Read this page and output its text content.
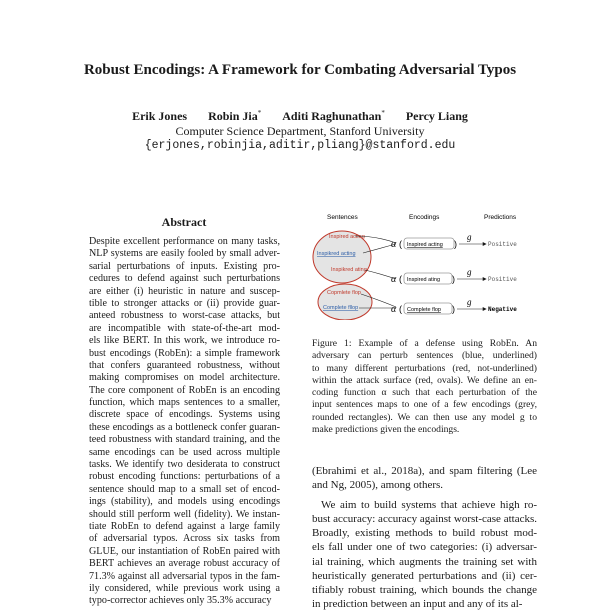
Robust Encodings: A Framework for Combating Adversarial Typos
Erik Jones Robin Jia* Aditi Raghunathan* Percy Liang
Computer Science Department, Stanford University
{erjones,robinjia,aditir,pliang}@stanford.edu
Abstract
Despite excellent performance on many tasks,
NLP systems are easily fooled by small adver-
sarial perturbations of inputs. Existing pro-
cedures to defend against such perturbations
are either (i) heuristic in nature and suscep-
tible to stronger attacks or (ii) provide guar-
anteed robustness to worst-case attacks, but
are incompatible with state-of-the-art mod-
els like BERT. In this work, we introduce ro-
bust encodings (RobEn): a simple framework
that confers guaranteed robustness, without
making compromises on model architecture.
The core component of RobEn is an encoding
function, which maps sentences to a smaller,
discrete space of encodings. Systems using
these encodings as a bottleneck confer guaran-
teed robustness with standard training, and the
same encodings can be used across multiple
tasks. We identify two desiderata to construct
robust encoding functions: perturbations of a
sentence should map to a small set of encod-
ings (stability), and models using encodings
should still perform well (fidelity). We instan-
tiate RobEn to defend against a large family
of adversarial typos. Across six tasks from
GLUE, our instantiation of RobEn paired with
BERT achieves an average robust accuracy of
71.3% against all adversarial typos in the fam-
ily considered, while previous work using a
typo-corrector achieves only 35.3% accuracy
Sentences	Encodings	Predictions
Inspired acting
Inspikred acting
Inspikred ating
Copmlete flop
Complete fllop
α
α
α
( Inspired acting )
( Inspired ating )
( Complete flop )
g
g
g
Positive
Positive
Negative
Figure 1: Example of a defense using RobEn. An
adversary can perturb sentences (blue, underlined)
to many different perturbations (red, not-underlined)
within the attack surface (red, ovals). We define an en-
coding function α such that each perturbation of the
input sentences maps to one of a few encodings (grey,
rounded rectangles). We can then use any model g to
make predictions given the encodings.
(Ebrahimi et al., 2018a), and spam filtering (Lee
and Ng, 2005), among others.
We aim to build systems that achieve high ro-
bust accuracy: accuracy against worst-case attacks.
Broadly, existing methods to build robust mod-
els fall under one of two categories: (i) adversar-
ial training, which augments the training set with
heuristically generated perturbations and (ii) cer-
tifiably robust training, which bounds the change
in prediction between an input and any of its al-
